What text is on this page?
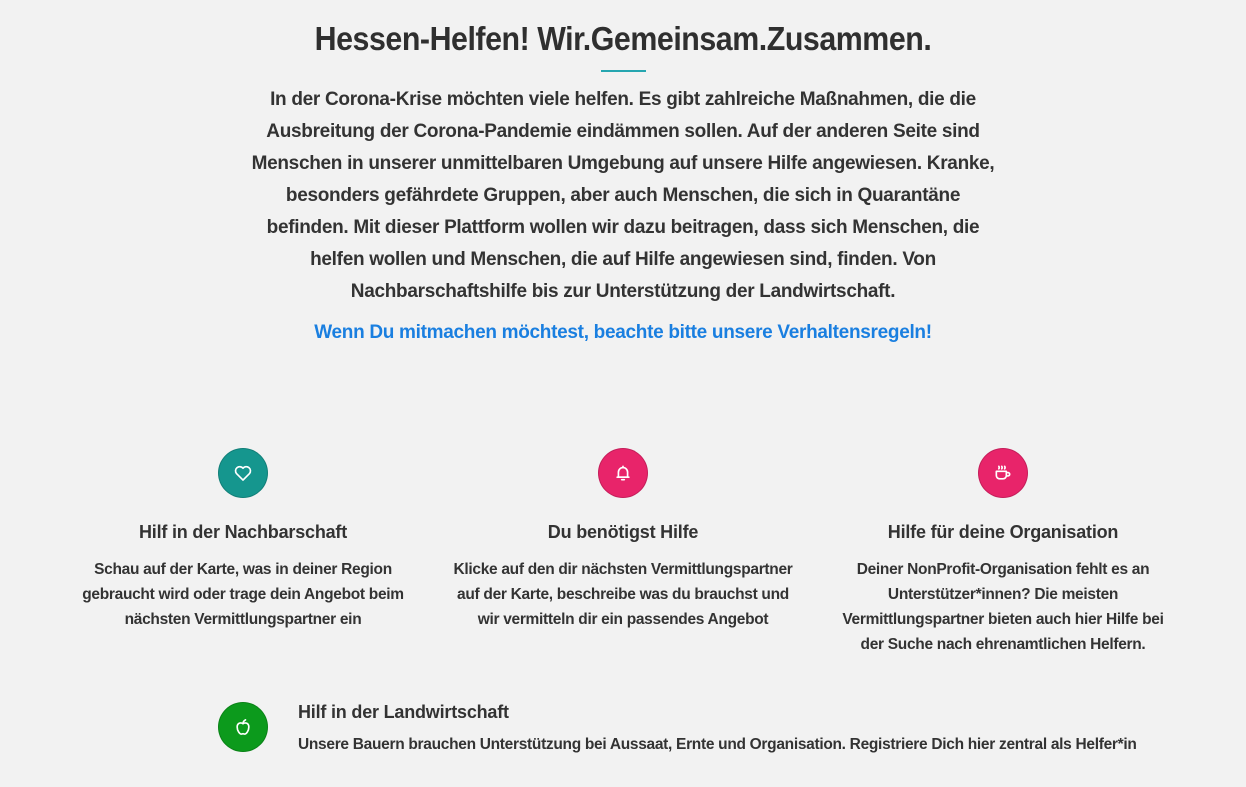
Hessen-Helfen! Wir.Gemeinsam.Zusammen.

In der Corona-Krise möchten viele helfen. Es gibt zahlreiche Maßnahmen, die die Ausbreitung der Corona-Pandemie eindämmen sollen. Auf der anderen Seite sind Menschen in unserer unmittelbaren Umgebung auf unsere Hilfe angewiesen. Kranke, besonders gefährdete Gruppen, aber auch Menschen, die sich in Quarantäne befinden. Mit dieser Plattform wollen wir dazu beitragen, dass sich Menschen, die helfen wollen und Menschen, die auf Hilfe angewiesen sind, finden. Von Nachbarschaftshilfe bis zur Unterstützung der Landwirtschaft.

Wenn Du mitmachen möchtest, beachte bitte unsere Verhaltensregeln!
Hilf in der Nachbarschaft
Schau auf der Karte, was in deiner Region gebraucht wird oder trage dein Angebot beim nächsten Vermittlungspartner ein
Du benötigst Hilfe
Klicke auf den dir nächsten Vermittlungspartner auf der Karte, beschreibe was du brauchst und wir vermitteln dir ein passendes Angebot
Hilfe für deine Organisation
Deiner NonProfit-Organisation fehlt es an Unterstützer*innen? Die meisten Vermittlungspartner bieten auch hier Hilfe bei der Suche nach ehrenamtlichen Helfern.
Hilf in der Landwirtschaft
Unsere Bauern brauchen Unterstützung bei Aussaat, Ernte und Organisation. Registriere Dich hier zentral als Helfer*in
